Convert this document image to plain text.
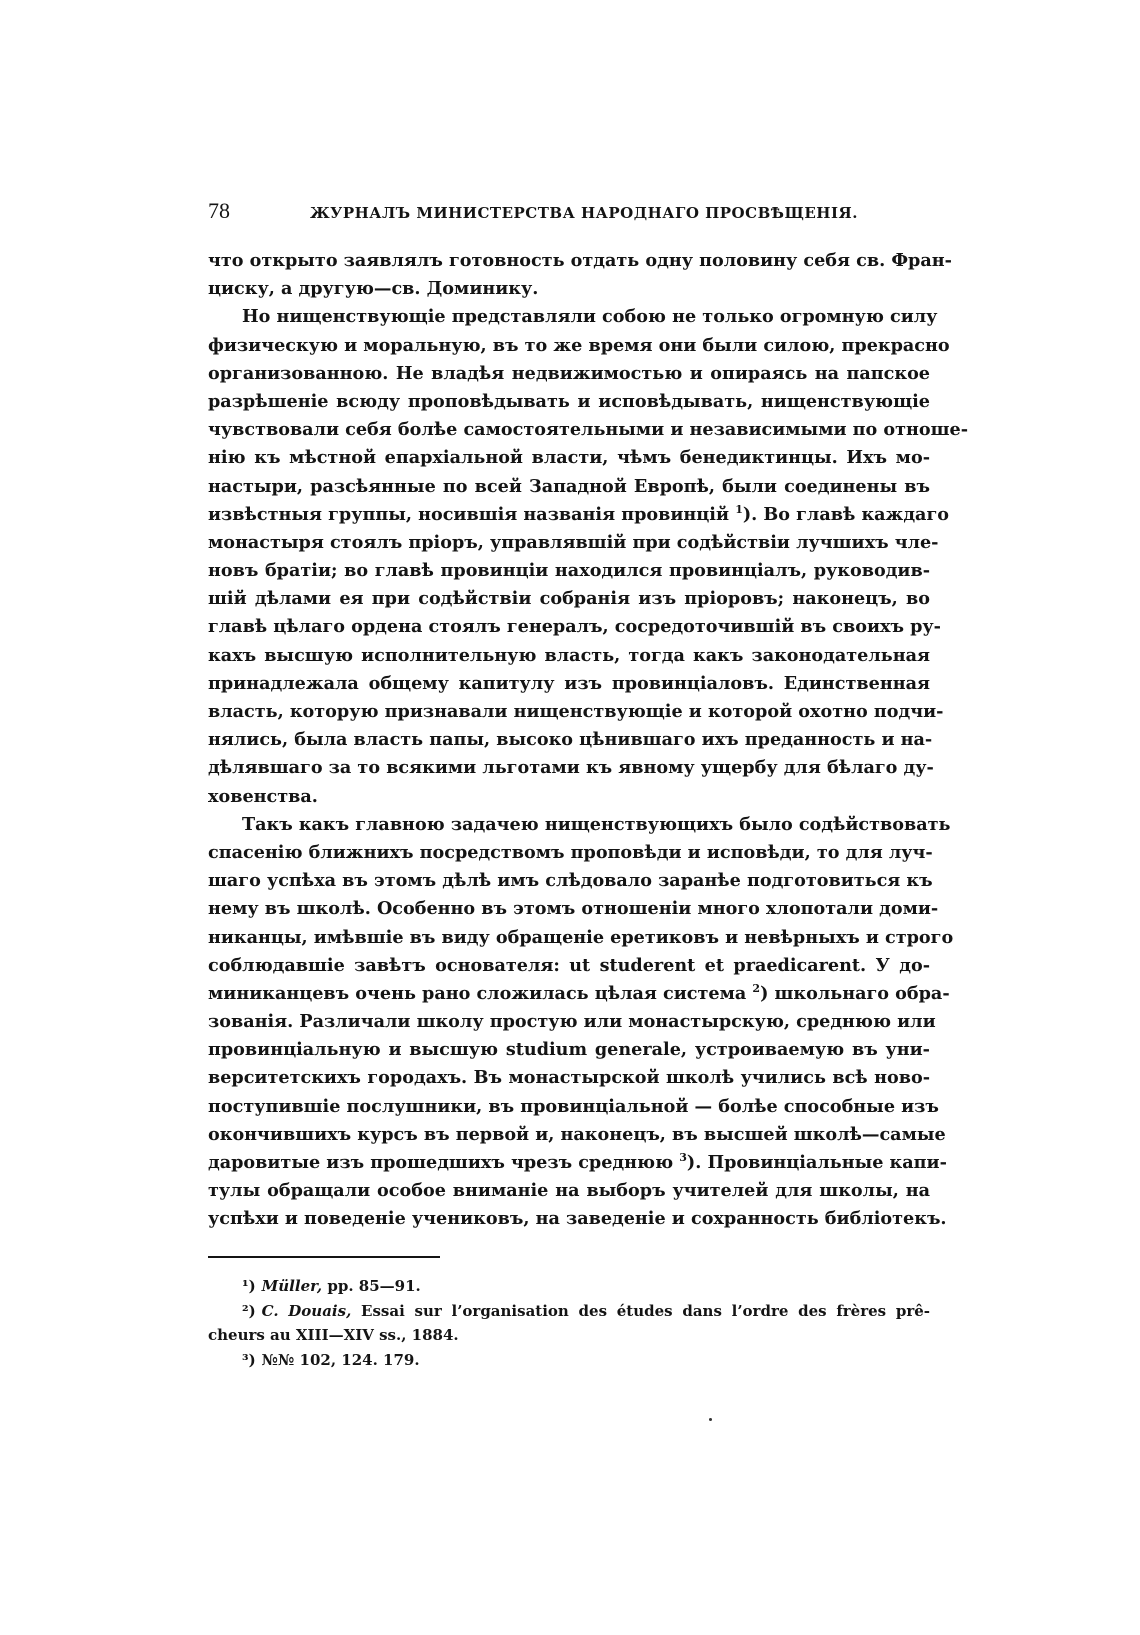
78	ЖУРНАЛЪ МИНИСТЕРСТВА НАРОДНАГО ПРОСВѢЩЕНІЯ.
что открыто заявлялъ готовность отдать одну половину себя св. Фран-
циску, а другую—св. Доминику.
Но нищенствующіе представляли собою не только огромную силу
физическую и моральную, въ то же время они были силою, прекрасно
организованною. Не владѣя недвижимостью и опираясь на папское
разрѣшеніе всюду проповѣдывать и исповѣдывать, нищенствующіе
чувствовали себя болѣе самостоятельными и независимыми по отноше-
нію къ мѣстной епархіальной власти, чѣмъ бенедиктинцы. Ихъ мо-
настыри, разсѣянные по всей Западной Европѣ, были соединены въ
извѣстныя группы, носившія названія провинцій $^1$). Во главѣ каждаго
монастыря стоялъ пріоръ, управлявшій при содѣйствіи лучшихъ чле-
новъ братіи; во главѣ провинціи находился провинціалъ, руководив-
шій дѣлами ея при содѣйствіи собранія изъ пріоровъ; наконецъ, во
главѣ цѣлаго ордена стоялъ генералъ, сосредоточившій въ своихъ ру-
кахъ высшую исполнительную власть, тогда какъ законодательная
принадлежала общему капитулу изъ провинціаловъ. Единственная
власть, которую признавали нищенствующіе и которой охотно подчи-
нялись, была власть папы, высоко цѣнившаго ихъ преданность и на-
дѣлявшаго за то всякими льготами къ явному ущербу для бѣлаго ду-
ховенства.
Такъ какъ главною задачею нищенствующихъ было содѣйствовать
спасенію ближнихъ посредствомъ проповѣди и исповѣди, то для луч-
шаго успѣха въ этомъ дѣлѣ имъ слѣдовало заранѣе подготовиться къ
нему въ школѣ. Особенно въ этомъ отношеніи много хлопотали доми-
никанцы, имѣвшіе въ виду обращеніе еретиковъ и невѣрныхъ и строго
соблюдавшіе завѣтъ основателя: ut studerent et praedicarent. У до-
миниканцевъ очень рано сложилась цѣлая система $^2$) школьнаго обра-
зованія. Различали школу простую или монастырскую, среднюю или
провинціальную и высшую studium generale, устроиваемую въ уни-
верситетскихъ городахъ. Въ монастырской школѣ учились всѣ ново-
поступившіе послушники, въ провинціальной — болѣе способные изъ
окончившихъ курсъ въ первой и, наконецъ, въ высшей школѣ—самые
даровитые изъ прошедшихъ чрезъ среднюю $^3$). Провинціальные капи-
тулы обращали особое вниманіе на выборъ учителей для школы, на
успѣхи и поведеніе учениковъ, на заведеніе и сохранность библіотекъ.
¹) Müller, pp. 85—91.
²) C. Douais, Essai sur l’organisation des études dans l’ordre des frères prê-
cheurs au XIII—XIV ss., 1884.
³) №№ 102, 124. 179.
